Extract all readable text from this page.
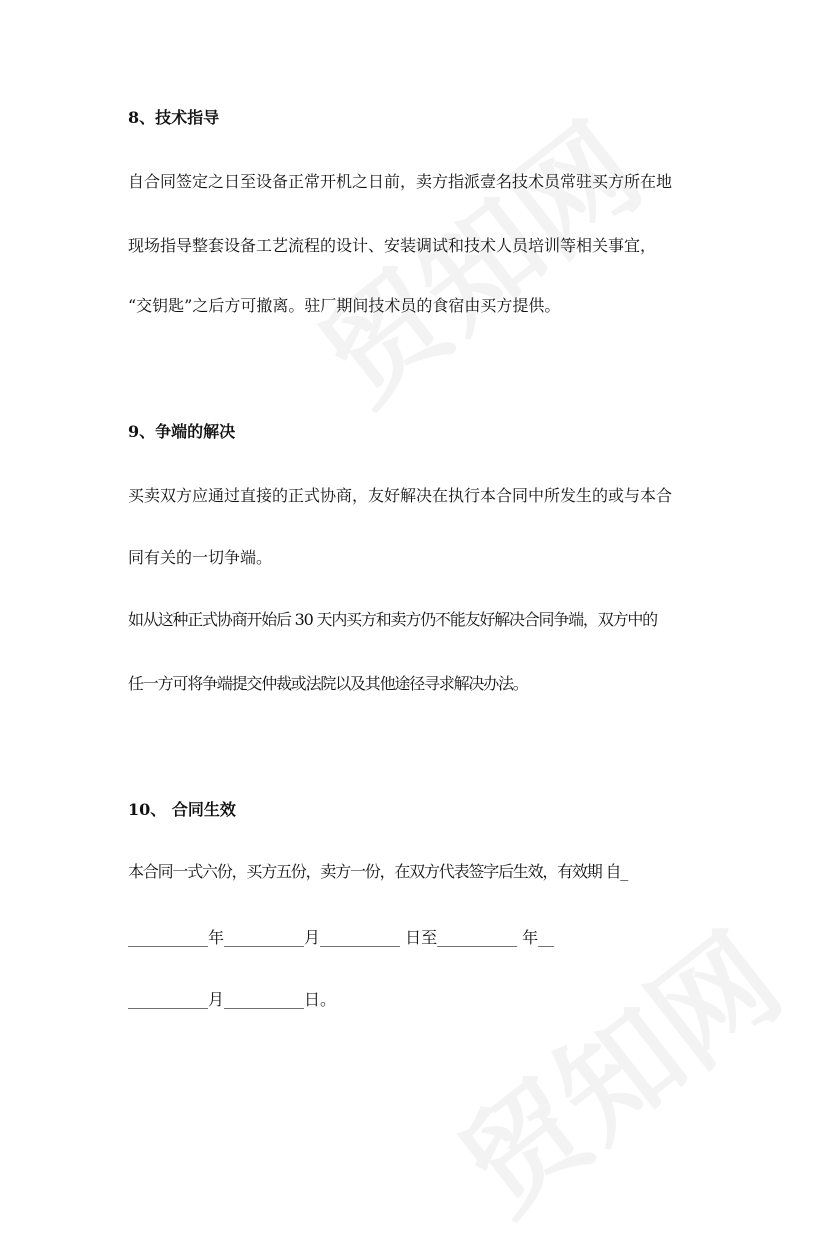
8、技术指导
自合同签定之日至设备正常开机之日前，卖方指派壹名技术员常驻买方所在地
现场指导整套设备工艺流程的设计、安装调试和技术人员培训等相关事宜，
“交钥匙”之后方可撤离。驻厂期间技术员的食宿由买方提供。
9、争端的解决
买卖双方应通过直接的正式协商，友好解决在执行本合同中所发生的或与本合
同有关的一切争端。
如从这种正式协商开始后 30 天内买方和卖方仍不能友好解决合同争端，双方中的
任一方可将争端提交仲裁或法院以及其他途径寻求解决办法。
10、 合同生效
本合同一式六份，买方五份，卖方一份，在双方代表签字后生效，有效期 自_
__________年__________月__________ 日至__________ 年__
__________月__________日。
